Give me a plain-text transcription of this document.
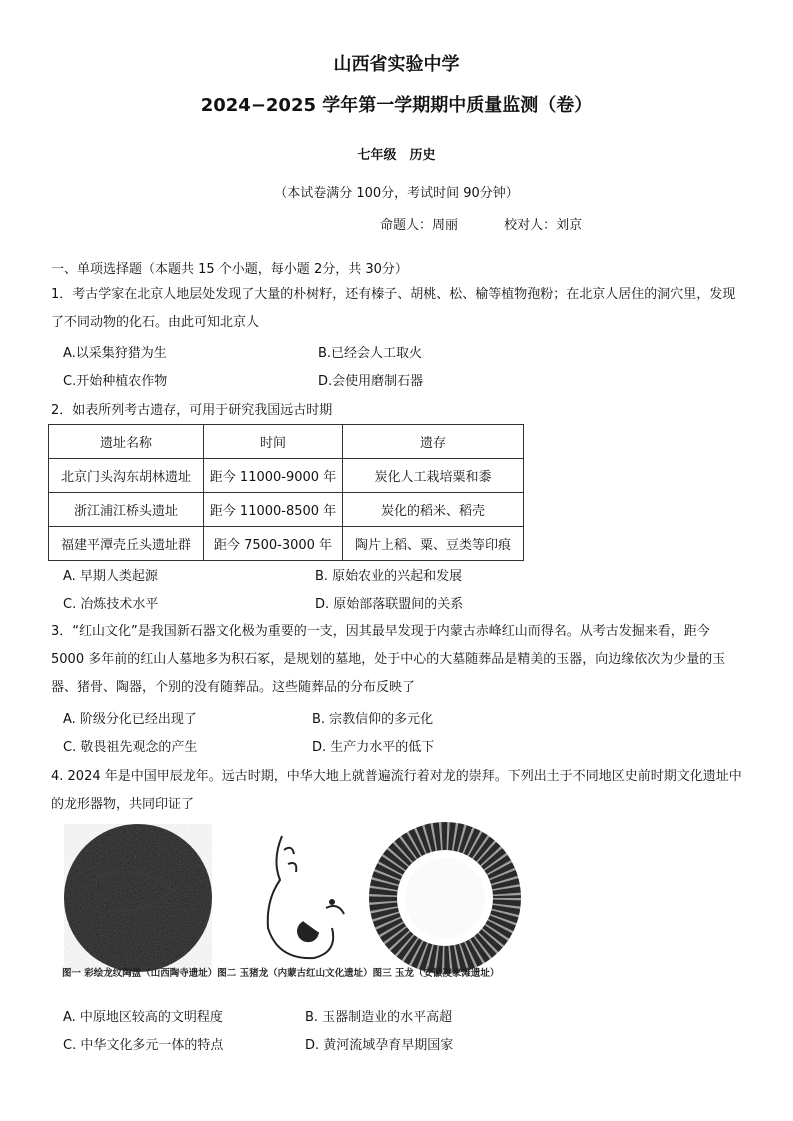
山西省实验中学
2024−2025 学年第一学期期中质量监测（卷）
七年级　历史
（本试卷满分 100分，考试时间 90分钟）
命题人：周丽	校对人：刘京
一、单项选择题（本题共 15 个小题，每小题 2分，共 30分）
1．考古学家在北京人地层处发现了大量的朴树籽，还有榛子、胡桃、松、榆等植物孢粉；在北京人居住的洞穴里，发现了不同动物的化石。由此可知北京人
A.以采集狩猎为生	B.已经会人工取火
C.开始种植农作物	D.会使用磨制石器
2．如表所列考古遗存，可用于研究我国远古时期
遗址名称	时间	遗存
北京门头沟东胡林遗址	距今 11000-9000 年	炭化人工栽培粟和黍
浙江浦江桥头遗址	距今 11000-8500 年	炭化的稻米、稻壳
福建平潭壳丘头遗址群	距今 7500-3000 年	陶片上稻、粟、豆类等印痕
A. 早期人类起源	B. 原始农业的兴起和发展
C. 冶炼技术水平	D. 原始部落联盟间的关系
3．“红山文化”是我国新石器文化极为重要的一支，因其最早发现于内蒙古赤峰红山而得名。从考古发掘来看，距今 5000 多年前的红山人墓地多为积石冢，是规划的墓地，处于中心的大墓随葬品是精美的玉器，向边缘依次为少量的玉器、猪骨、陶器，个别的没有随葬品。这些随葬品的分布反映了
A. 阶级分化已经出现了	B. 宗教信仰的多元化
C. 敬畏祖先观念的产生	D. 生产力水平的低下
4. 2024 年是中国甲辰龙年。远古时期，中华大地上就普遍流行着对龙的崇拜。下列出土于不同地区史前时期文化遗址中的龙形器物，共同印证了
图一 彩绘龙纹陶盘（山西陶寺遗址）图二 玉猪龙（内蒙古红山文化遗址）图三 玉龙（安徽凌家滩遗址）
A. 中原地区较高的文明程度	B. 玉器制造业的水平高超
C. 中华文化多元一体的特点	D. 黄河流域孕育早期国家
